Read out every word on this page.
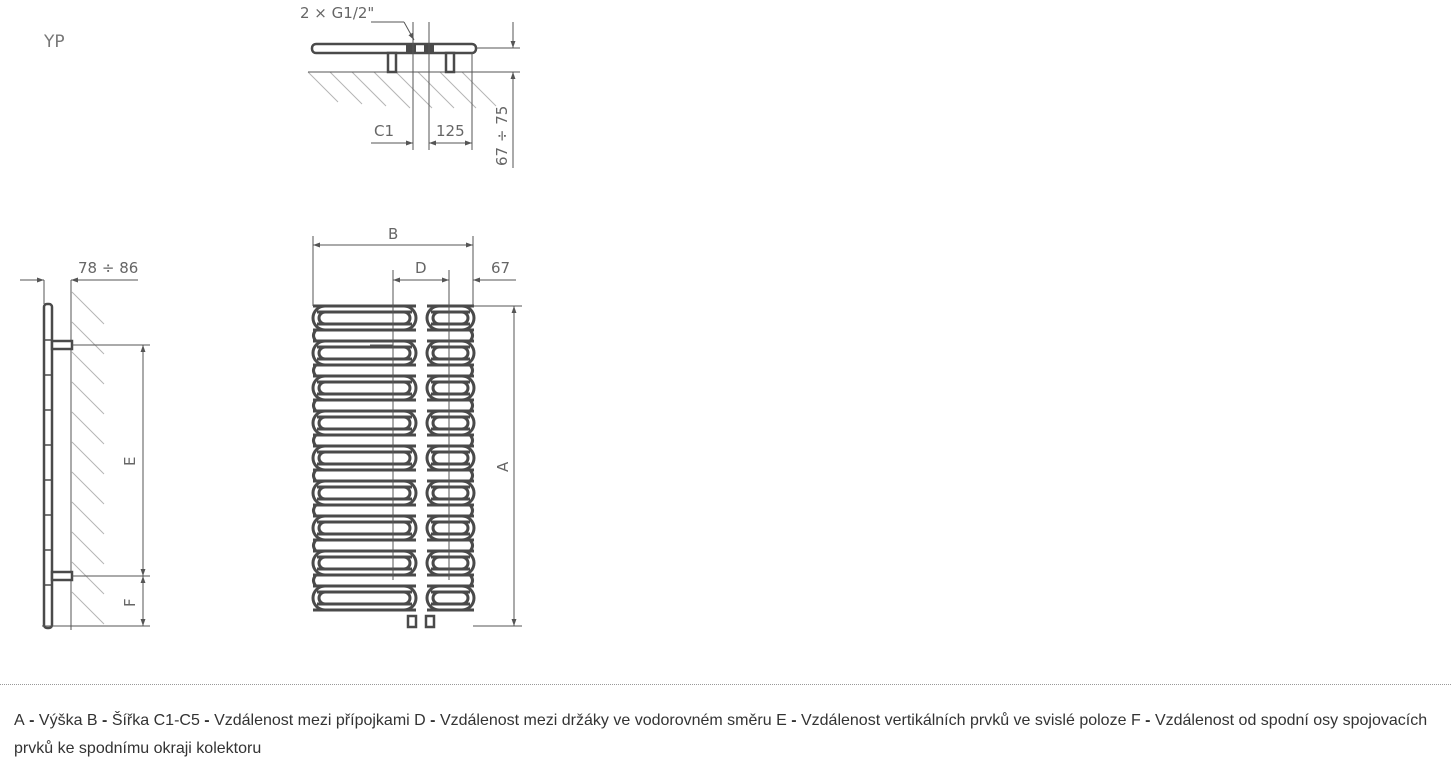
YP
2 × G1/2"
C1	125 67 ÷ 75
78 ÷ 86
E
F
B
D	67
A
A - Výška B - Šířka C1-C5 - Vzdálenost mezi přípojkami D - Vzdálenost mezi držáky ve vodorovném směru E - Vzdálenost vertikálních prvků ve svislé poloze F - Vzdálenost od spodní osy spojovacích prvků ke spodnímu okraji kolektoru
